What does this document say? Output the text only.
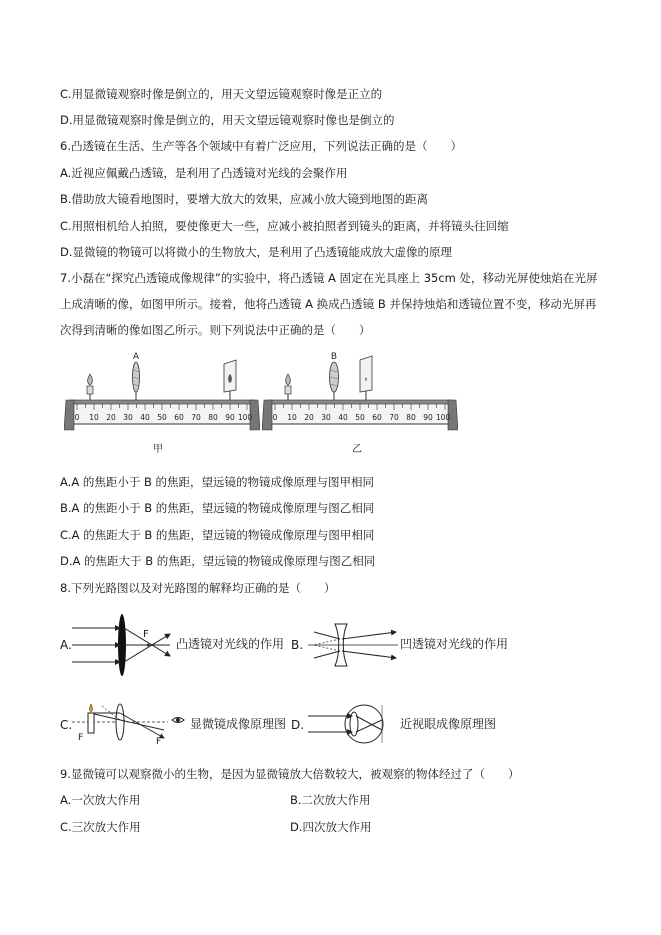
C.用显微镜观察时像是倒立的，用天文望远镜观察时像是正立的
D.用显微镜观察时像是倒立的，用天文望远镜观察时像也是倒立的
6.凸透镜在生活、生产等各个领域中有着广泛应用，下列说法正确的是（　　）
A.近视应佩戴凸透镜，是利用了凸透镜对光线的会聚作用
B.借助放大镜看地图时，要增大放大的效果，应减小放大镜到地图的距离
C.用照相机给人拍照，要使像更大一些，应减小被拍照者到镜头的距离，并将镜头往回缩
D.显微镜的物镜可以将微小的生物放大，是利用了凸透镜能成放大虚像的原理
7.小磊在“探究凸透镜成像规律”的实验中，将凸透镜 A 固定在光具座上 35cm 处，移动光屏使烛焰在光屏
上成清晰的像，如图甲所示。接着，他将凸透镜 A 换成凸透镜 B 并保持烛焰和透镜位置不变，移动光屏再
次得到清晰的像如图乙所示。则下列说法中正确的是（　　）
0 10 20 30 40 50 60 70 80 90 100
A
甲
0 10 20 30 40 50 60 70 80 90 100
B
乙
A.A 的焦距小于 B 的焦距，望远镜的物镜成像原理与图甲相同
B.A 的焦距小于 B 的焦距，望远镜的物镜成像原理与图乙相同
C.A 的焦距大于 B 的焦距，望远镜的物镜成像原理与图甲相同
D.A 的焦距大于 B 的焦距，望远镜的物镜成像原理与图乙相同
8.下列光路图以及对光路图的解释均正确的是（　　）
A.
F
凸透镜对光线的作用 B.	凹透镜对光线的作用
C.
F	F
显微镜成像原理图 D.	近视眼成像原理图
9.显微镜可以观察微小的生物，是因为显微镜放大倍数较大，被观察的物体经过了（　　）
A.一次放大作用	B.二次放大作用
C.三次放大作用	D.四次放大作用
